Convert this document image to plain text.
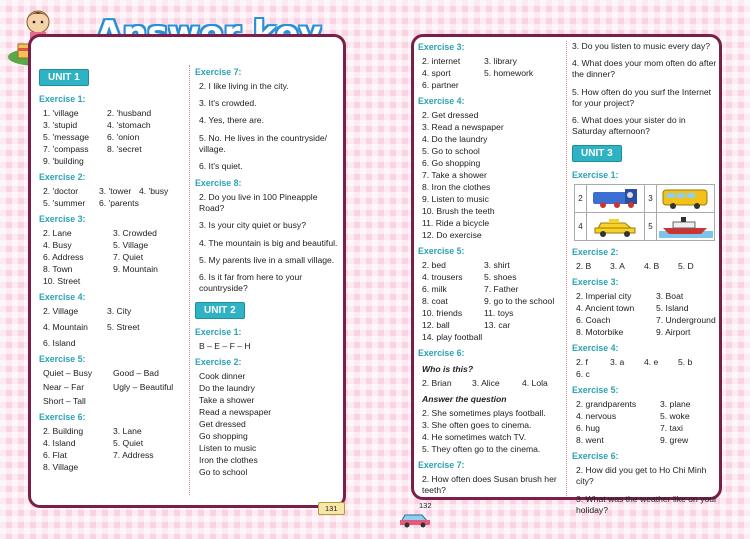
UNIT 1
Exercise 1:
1. 'village	2. 'husband
3. 'stupid	4. 'stomach
5. 'message	6. 'onion
7. 'compass	8. 'secret
9. 'building
Exercise 2:
2. 'doctor	3. 'tower 4. 'busy
5. 'summer	6. 'parents
Exercise 3:
2. Lane	3. Crowded
4. Busy	5. Village
6. Address	7. Quiet
8. Town	9. Mountain
10. Street
Exercise 4:
2. Village	3. City
4. Mountain	5. Street
6. Island
Exercise 5:
Quiet – Busy	Good – Bad
Near – Far	Ugly – Beautiful
Short – Tall
Exercise 6:
2. Building	3. Lane
4. Island	5. Quiet
6. Flat	7. Address
8. Village
Exercise 7:
2. I like living in the city.
3. It's crowded.
4. Yes, there are.
5. No. He lives in the countryside/ village.
6. It's quiet.
Exercise 8:
2. Do you live in 100 Pineapple Road?
3. Is your city quiet or busy?
4. The mountain is big and beautiful.
5. My parents live in a small village.
6. Is it far from here to your countryside?
UNIT 2
Exercise 1:
B – E – F – H
Exercise 2:
Cook dinner
Do the laundry
Take a shower
Read a newspaper
Get dressed
Go shopping
Listen to music
Iron the clothes
Go to school
131
Exercise 3:
2. internet	3. library
4. sport	5. homework
6. partner
Exercise 4:
2. Get dressed
3. Read a newspaper
4. Do the laundry
5. Go to school
6. Go shopping
7. Take a shower
8. Iron the clothes
9. Listen to music
10. Brush the teeth
11. Ride a bicycle
12. Do exercise
Exercise 5:
2. bed	3. shirt
4. trousers	5. shoes
6. milk	7. Father
8. coat	9. go to the school
10. friends	11. toys
12. ball	13. car
14. play football
Exercise 6:
Who is this?
2. Brian	3. Alice	4. Lola
Answer the question
2. She sometimes plays football.
3. She often goes to cinema.
4. He sometimes watch TV.
5. They often go to the cinema.
Exercise 7:
2. How often does Susan brush her teeth?
3. Do you listen to music every day?
4. What does your mom often do after the dinner?
5. How often do you surf the Internet for your project?
6. What does your sister do in Saturday afternoon?
UNIT 3
Exercise 1:
2		3	
4		5	
Exercise 2:
2. B	3. A	4. B	5. D
Exercise 3:
2. Imperial city	3. Boat
4. Ancient town	5. Island
6. Coach	7. Underground
8. Motorbike	9. Airport
Exercise 4:
2. f	3. a	4. e	5. b
6. c
Exercise 5:
2. grandparents	3. plane
4. nervous	5. woke
6. hug	7. taxi
8. went	9. grew
Exercise 6:
2. How did you get to Ho Chi Minh city?
3. What was the weather like on your holiday?
132
